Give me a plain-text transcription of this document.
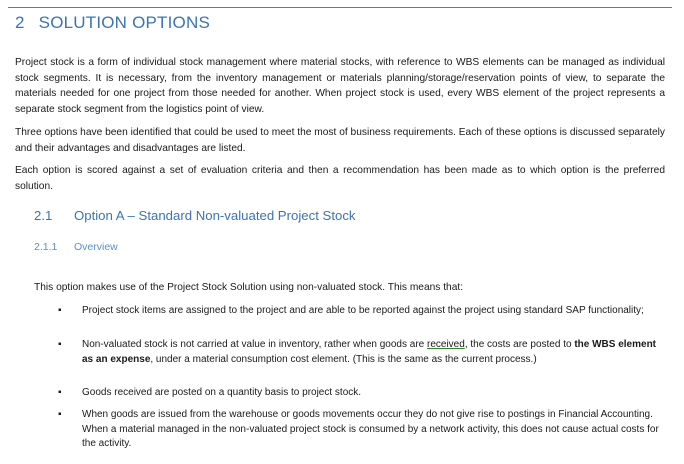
2 SOLUTION OPTIONS

Project stock is a form of individual stock management where material stocks, with reference to WBS elements can be managed as individual stock segments. It is necessary, from the inventory management or materials planning/storage/reservation points of view, to separate the materials needed for one project from those needed for another. When project stock is used, every WBS element of the project represents a separate stock segment from the logistics point of view.

Three options have been identified that could be used to meet the most of business requirements. Each of these options is discussed separately and their advantages and disadvantages are listed.

Each option is scored against a set of evaluation criteria and then a recommendation has been made as to which option is the preferred solution.

2.1 Option A – Standard Non-valuated Project Stock
2.1.1 Overview
This option makes use of the Project Stock Solution using non-valuated stock. This means that:
▪ Project stock items are assigned to the project and are able to be reported against the project using standard SAP functionality;
▪ Non-valuated stock is not carried at value in inventory, rather when goods are received, the costs are posted to the WBS element as an expense, under a material consumption cost element. (This is the same as the current process.)
▪ Goods received are posted on a quantity basis to project stock.
▪ When goods are issued from the warehouse or goods movements occur they do not give rise to postings in Financial Accounting. When a material managed in the non-valuated project stock is consumed by a network activity, this does not cause actual costs for the activity.
